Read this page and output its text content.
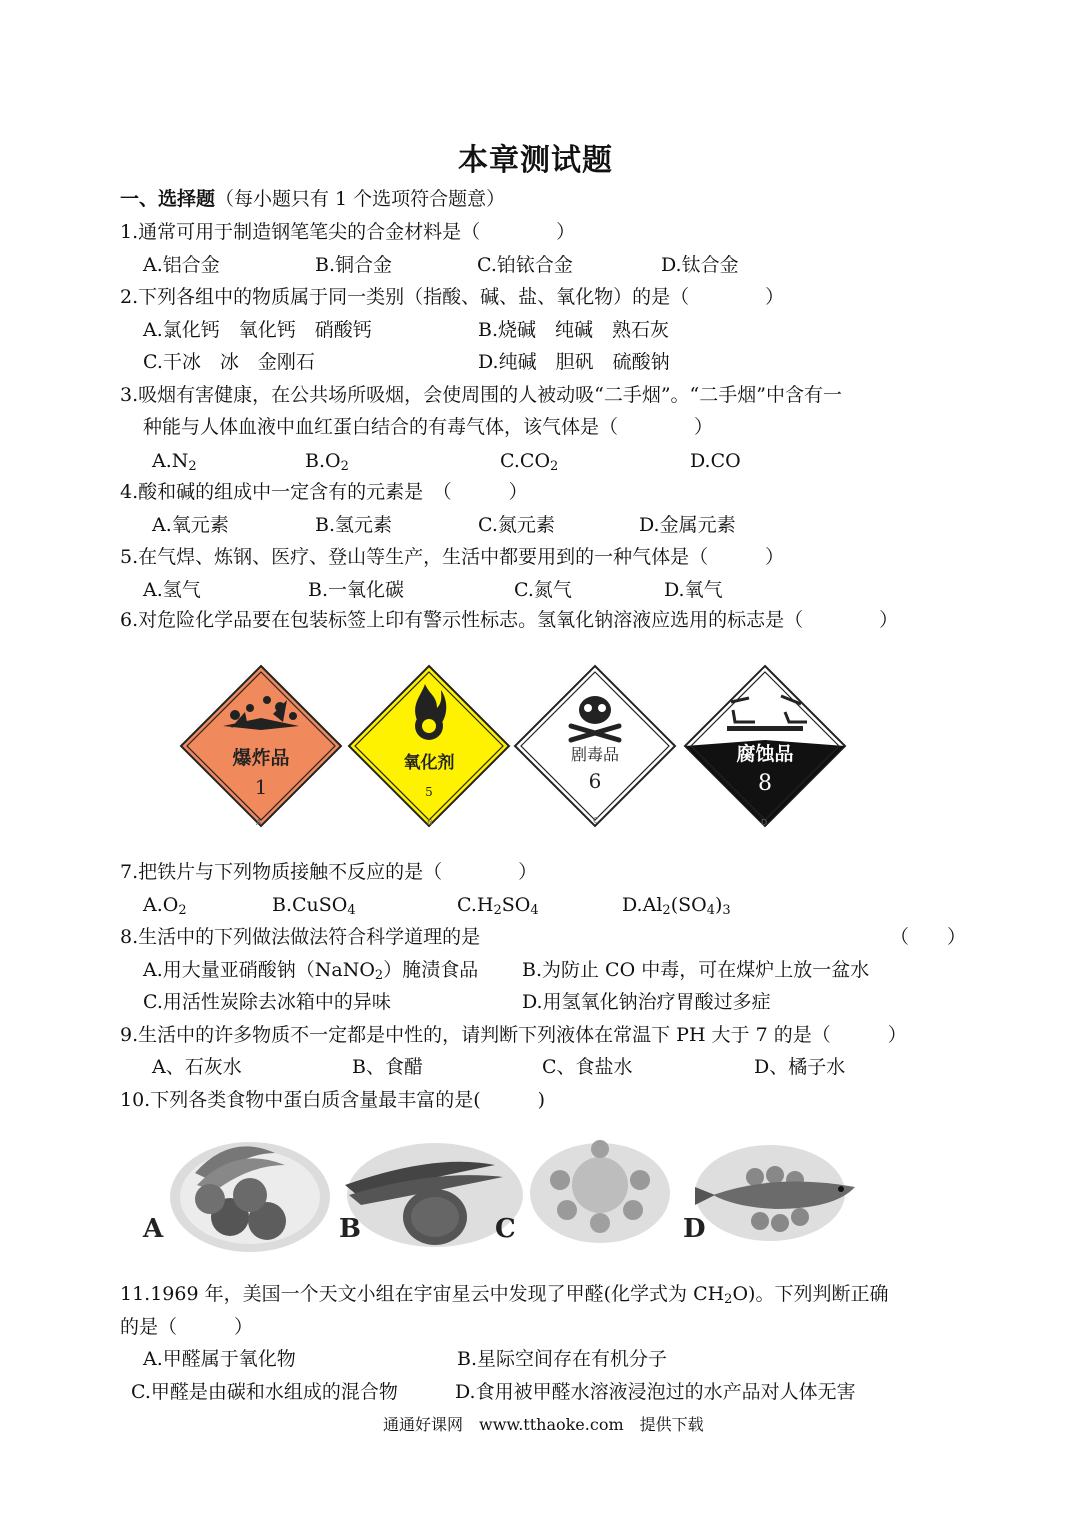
本章测试题
一、选择题（每小题只有 1 个选项符合题意）
1.通常可用于制造钢笔笔尖的合金材料是（　　　　）
A.铝合金	B.铜合金	C.铂铱合金	D.钛合金
2.下列各组中的物质属于同一类别（指酸、碱、盐、氧化物）的是（　　　　）
A.氯化钙　氧化钙　硝酸钙	B.烧碱　纯碱　熟石灰
C.干冰　冰　金刚石	D.纯碱　胆矾　硫酸钠
3.吸烟有害健康，在公共场所吸烟，会使周围的人被动吸“二手烟”。“二手烟”中含有一
种能与人体血液中血红蛋白结合的有毒气体，该气体是（　　　　）
$A.N_2$	$B.O_2$	$C.CO_2$	D.CO
4.酸和碱的组成中一定含有的元素是　（　　　）
A.氧元素	B.氢元素	C.氮元素	D.金属元素
5.在气焊、炼钢、医疗、登山等生产，生活中都要用到的一种气体是（　　　）
A.氢气	B.一氧化碳	C.氮气	D.氧气
6.对危险化学品要在包装标签上印有警示性标志。氢氧化钠溶液应选用的标志是（　　　　）
爆炸品
1
氧化剂
5
剧毒品
6
腐蚀品
8
A	B	C	D
7.把铁片与下列物质接触不反应的是（　　　　）
$A.O_2$	B.CuSO$_4$	$C.H_2SO_4$	$D.Al_2(SO_4)_3$
8.生活中的下列做法做法符合科学道理的是	（　　）
A.用大量亚硝酸钠（NaNO$_2$）腌渍食品 B.为防止 CO 中毒，可在煤炉上放一盆水
C.用活性炭除去冰箱中的异味	D.用氢氧化钠治疗胃酸过多症
9.生活中的许多物质不一定都是中性的，请判断下列液体在常温下 PH 大于 7 的是（　　　）
A、石灰水	B、食醋	C、食盐水	D、橘子水
10.下列各类食物中蛋白质含量最丰富的是(　　　)
A	B	C	D
11.1969 年，美国一个天文小组在宇宙星云中发现了甲醛(化学式为 $CH_2O$)。下列判断正确
的是（　　　）
A.甲醛属于氧化物	B.星际空间存在有机分子
C.甲醛是由碳和水组成的混合物	D.食用被甲醛水溶液浸泡过的水产品对人体无害
通通好课网　www.tthaoke.com　提供下载
